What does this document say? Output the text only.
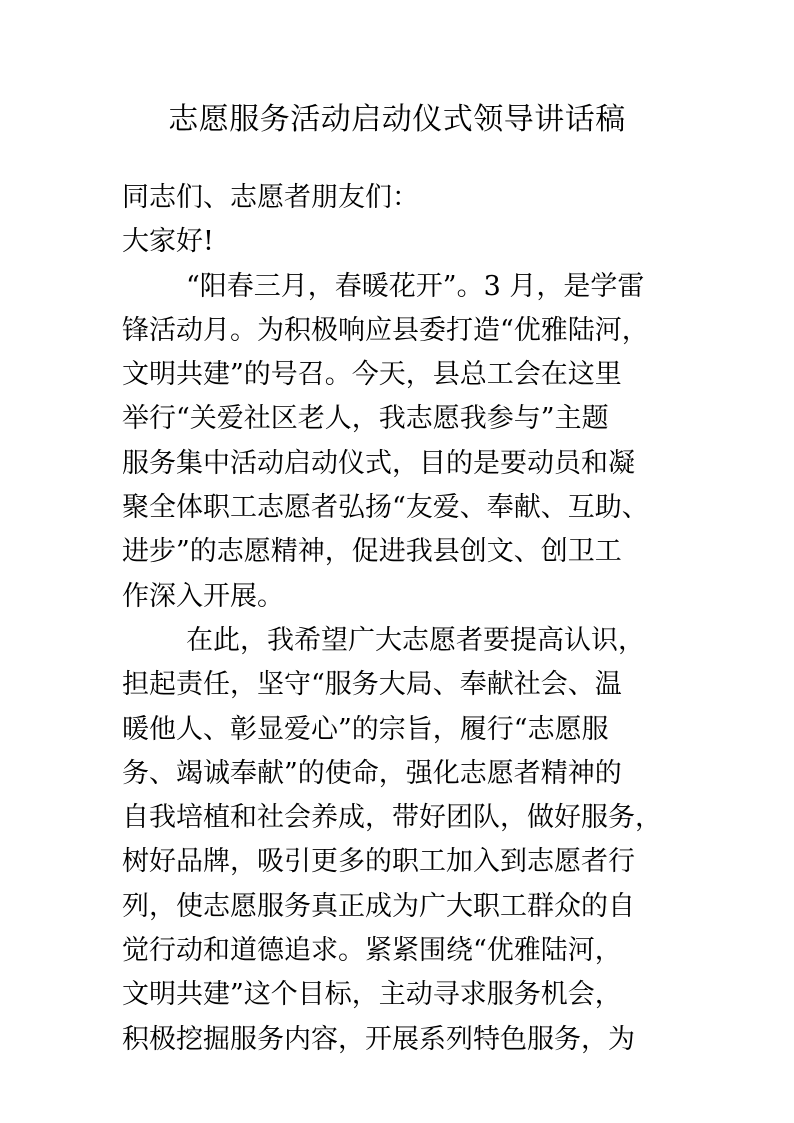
志愿服务活动启动仪式领导讲话稿

同志们、志愿者朋友们：

大家好!

“阳春三月，春暖花开”。3 月，是学雷
锋活动月。为积极响应县委打造“优雅陆河，
文明共建”的号召。今天，县总工会在这里
举行“关爱社区老人，我志愿我参与”主题
服务集中活动启动仪式，目的是要动员和凝
聚全体职工志愿者弘扬“友爱、奉献、互助、
进步”的志愿精神，促进我县创文、创卫工
作深入开展。
在此，我希望广大志愿者要提高认识，
担起责任，坚守“服务大局、奉献社会、温
暖他人、彰显爱心”的宗旨，履行“志愿服
务、竭诚奉献”的使命，强化志愿者精神的
自我培植和社会养成，带好团队，做好服务，
树好品牌，吸引更多的职工加入到志愿者行
列，使志愿服务真正成为广大职工群众的自
觉行动和道德追求。紧紧围绕“优雅陆河，
文明共建”这个目标，主动寻求服务机会，
积极挖掘服务内容，开展系列特色服务，为
